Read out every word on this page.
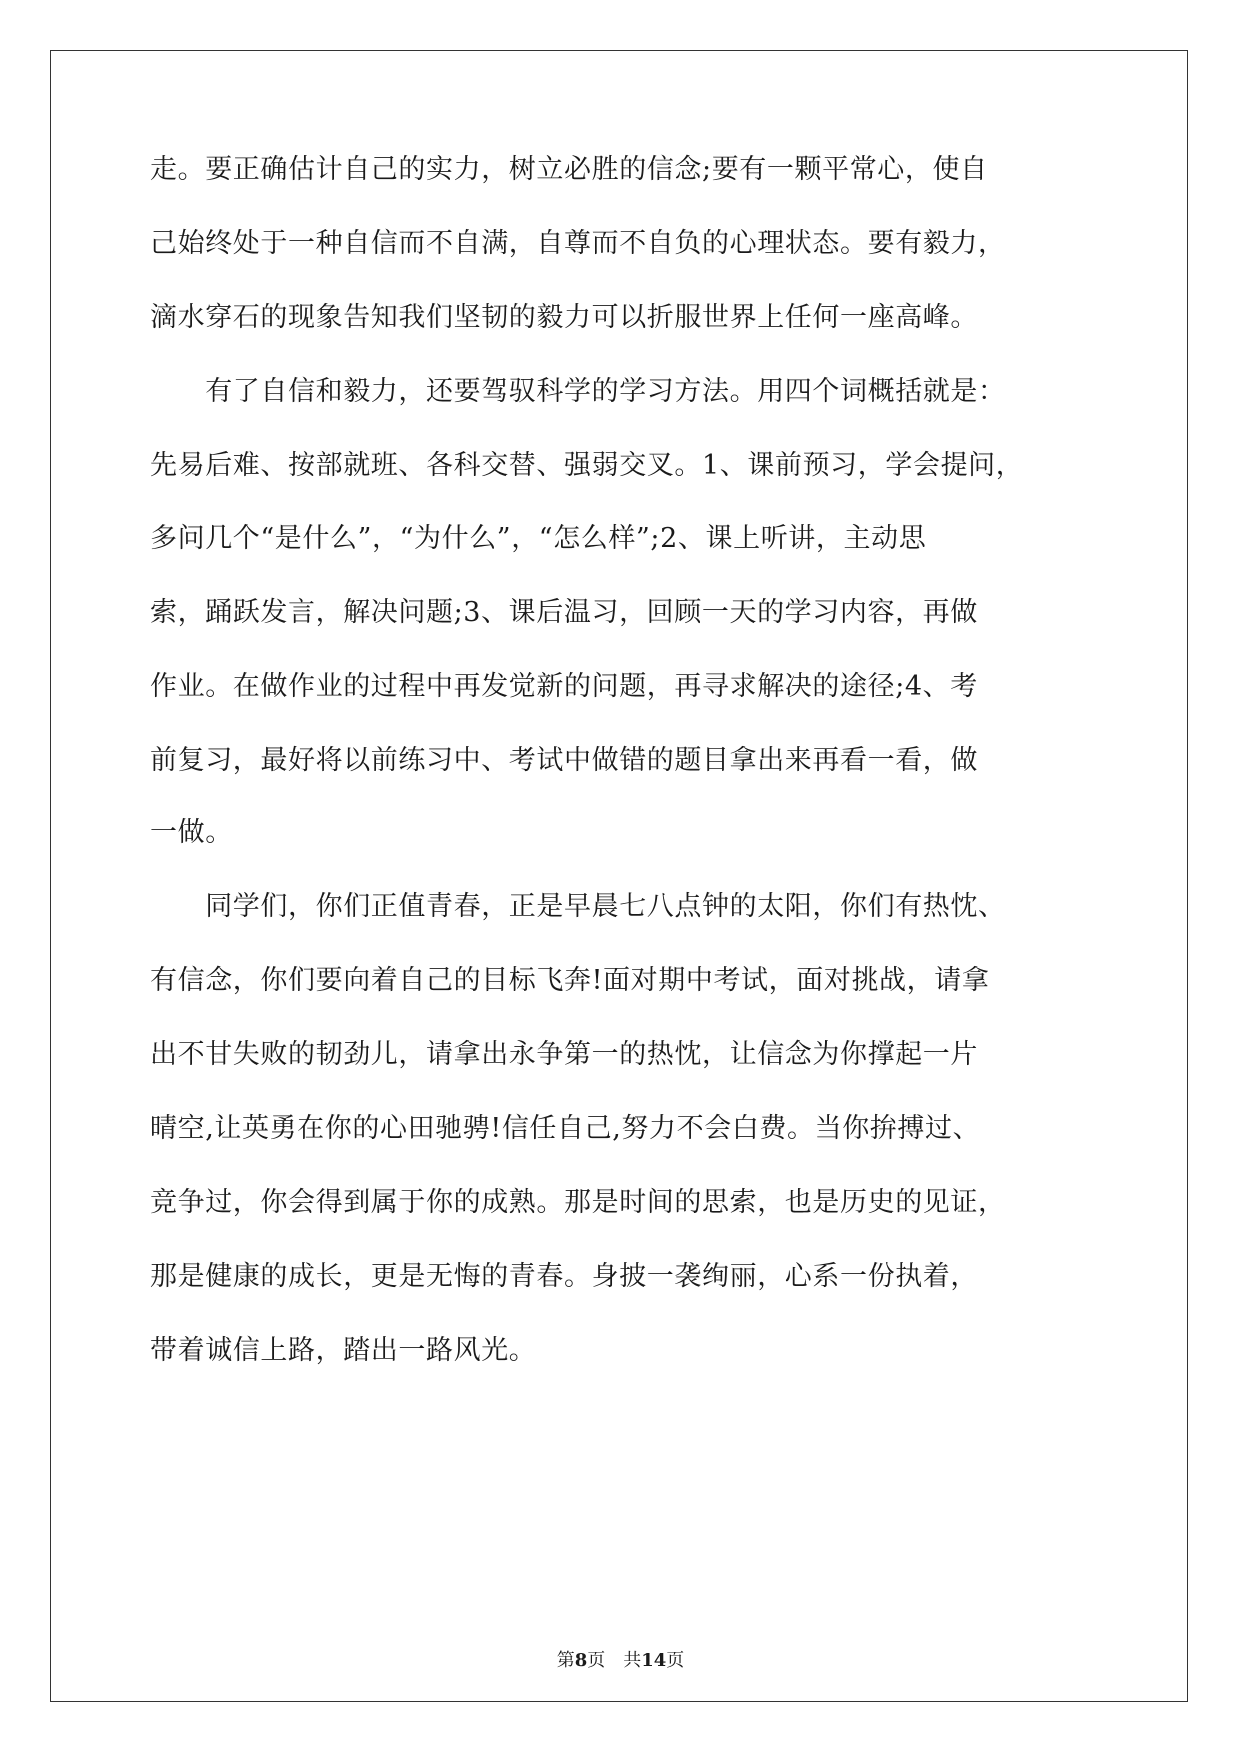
走。要正确估计自己的实力，树立必胜的信念;要有一颗平常心，使自
己始终处于一种自信而不自满，自尊而不自负的心理状态。要有毅力，
滴水穿石的现象告知我们坚韧的毅力可以折服世界上任何一座高峰。
　　有了自信和毅力，还要驾驭科学的学习方法。用四个词概括就是：
先易后难、按部就班、各科交替、强弱交叉。1、课前预习，学会提问，
多问几个“是什么”，“为什么”，“怎么样”;2、课上听讲，主动思
索，踊跃发言，解决问题;3、课后温习，回顾一天的学习内容，再做
作业。在做作业的过程中再发觉新的问题，再寻求解决的途径;4、考
前复习，最好将以前练习中、考试中做错的题目拿出来再看一看，做
一做。
　　同学们，你们正值青春，正是早晨七八点钟的太阳，你们有热忱、
有信念，你们要向着自己的目标飞奔!面对期中考试，面对挑战，请拿
出不甘失败的韧劲儿，请拿出永争第一的热忱，让信念为你撑起一片
晴空,让英勇在你的心田驰骋!信任自己,努力不会白费。当你拚搏过、
竞争过，你会得到属于你的成熟。那是时间的思索，也是历史的见证，
那是健康的成长，更是无悔的青春。身披一袭绚丽，心系一份执着，
带着诚信上路，踏出一路风光。
第8页 共14页
